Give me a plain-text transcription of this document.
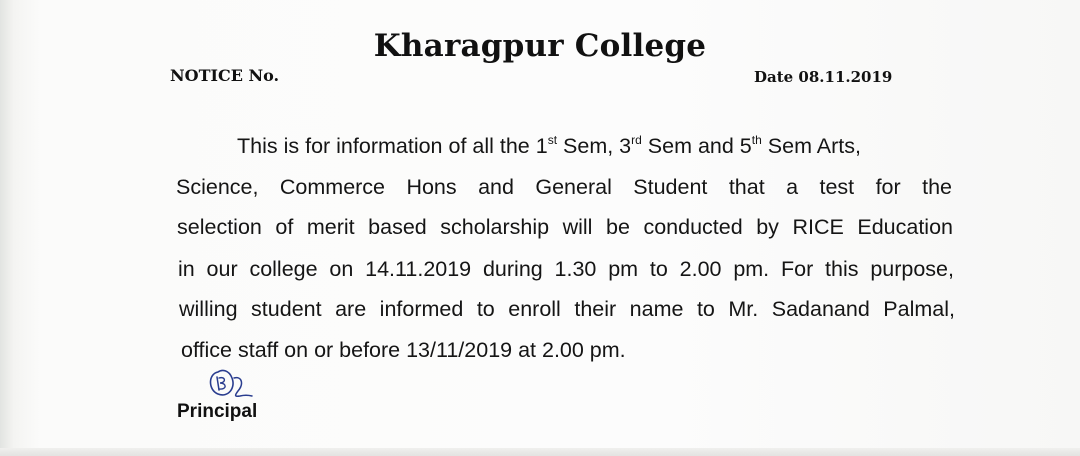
Kharagpur College
NOTICE No.	Date 08.11.2019
This is for information of all the 1st Sem, 3rd Sem and 5th Sem Arts,
Science, Commerce Hons and General Student that a test for the
selection of merit based scholarship will be conducted by RICE Education
in our college on 14.11.2019 during 1.30 pm to 2.00 pm. For this purpose,
willing student are informed to enroll their name to Mr. Sadanand Palmal,
office staff on or before 13/11/2019 at 2.00 pm.
Principal
